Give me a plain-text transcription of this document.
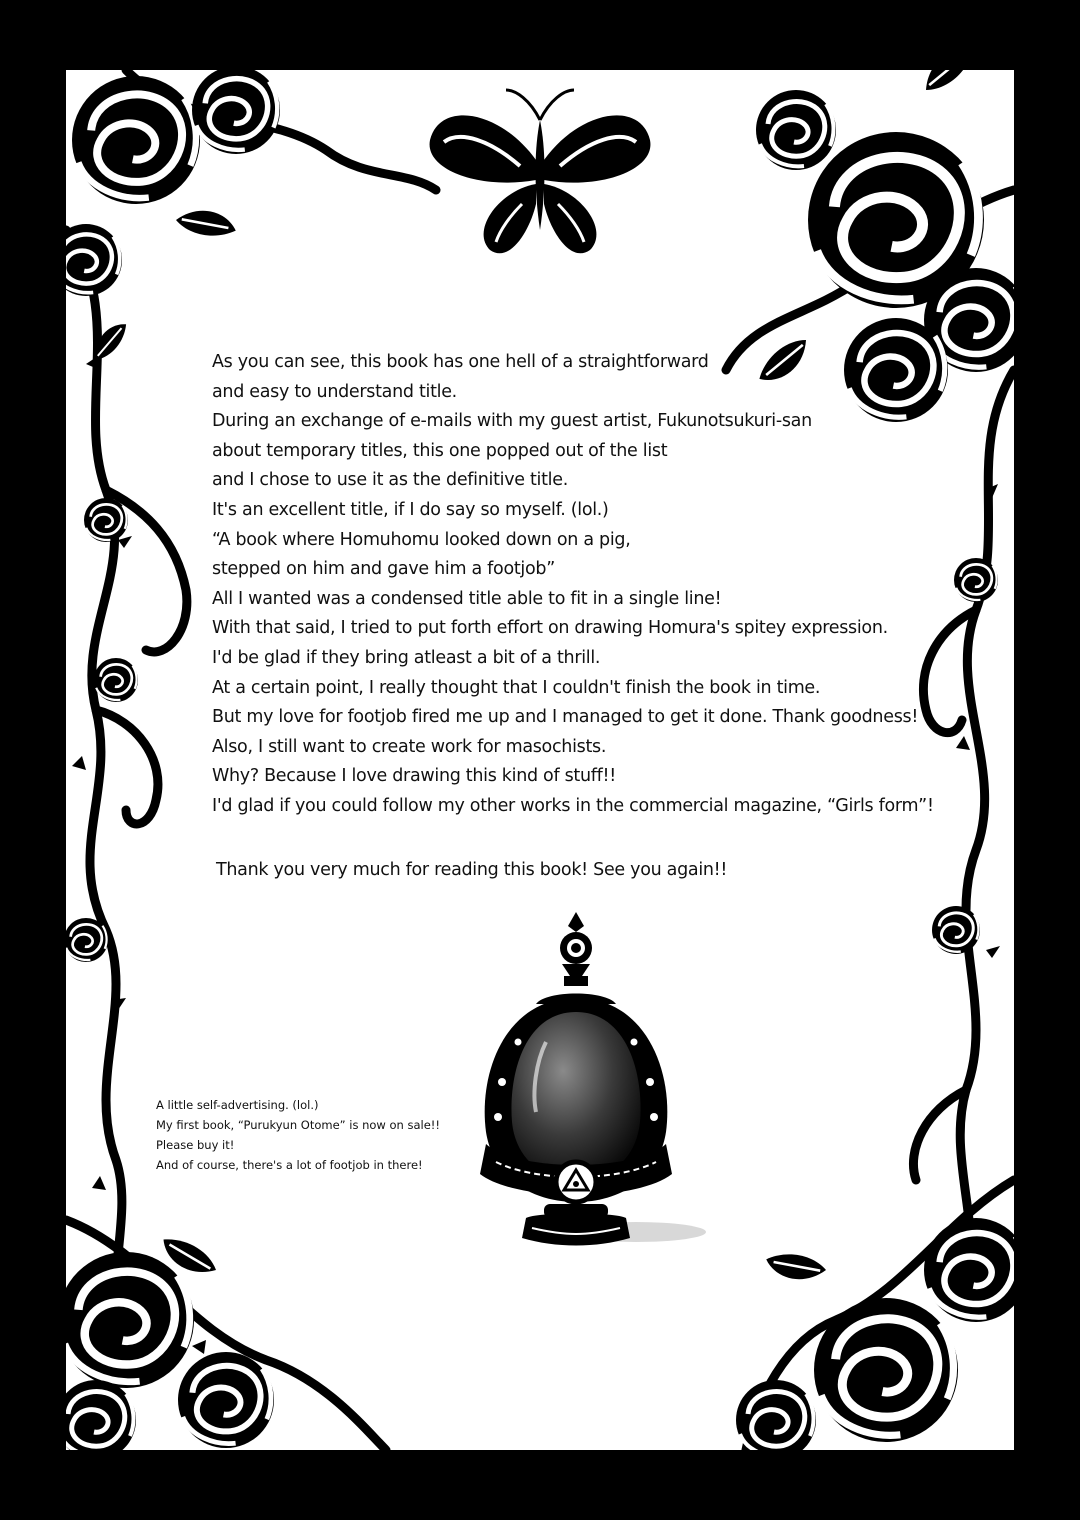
As you can see, this book has one hell of a straightforward
and easy to understand title.
During an exchange of e-mails with my guest artist, Fukunotsukuri-san
about temporary titles, this one popped out of the list
and I chose to use it as the definitive title.
It's an excellent title, if I do say so myself. (lol.)
“A book where Homuhomu looked down on a pig,
stepped on him and gave him a footjob”
All I wanted was a condensed title able to fit in a single line!
With that said, I tried to put forth effort on drawing Homura's spitey expression.
I'd be glad if they bring atleast a bit of a thrill.
At a certain point, I really thought that I couldn't finish the book in time.
But my love for footjob fired me up and I managed to get it done. Thank goodness!
Also, I still want to create work for masochists.
Why? Because I love drawing this kind of stuff!!
I'd glad if you could follow my other works in the commercial magazine, “Girls form”!
Thank you very much for reading this book! See you again!!
A little self-advertising. (lol.)
My first book, “Purukyun Otome” is now on sale!!
Please buy it!
And of course, there's a lot of footjob in there!
